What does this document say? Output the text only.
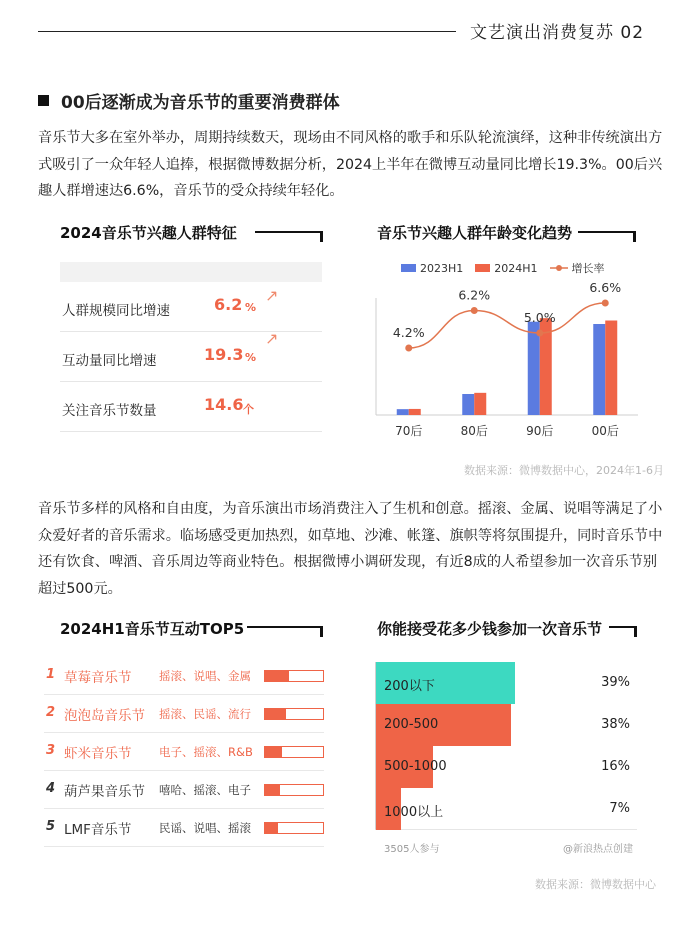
文艺演出消费复苏 02
00后逐渐成为音乐节的重要消费群体
音乐节大多在室外举办，周期持续数天，现场由不同风格的歌手和乐队轮流演绎，这种非传统演出方式吸引了一众年轻人追捧，根据微博数据分析，2024上半年在微博互动量同比增长19.3%。00后兴趣人群增速达6.6%，音乐节的受众持续年轻化。
2024音乐节兴趣人群特征
人群规模同比增速	6.2 %
↗
互动量同比增速	19.3 %
↗
关注音乐节数量	14.6 个
音乐节兴趣人群年龄变化趋势
2023H1	2024H1	增长率
70后	80后	90后	00后
4.2%
6.2%
5.0%
6.6%
数据来源：微博数据中心，2024年1-6月
音乐节多样的风格和自由度，为音乐演出市场消费注入了生机和创意。摇滚、金属、说唱等满足了小众爱好者的音乐需求。临场感受更加热烈，如草地、沙滩、帐篷、旗帜等将氛围提升，同时音乐节中还有饮食、啤酒、音乐周边等商业特色。根据微博小调研发现，有近8成的人希望参加一次音乐节别超过500元。
2024H1音乐节互动TOP5
1 草莓音乐节 摇滚、说唱、金属
2 泡泡岛音乐节 摇滚、民谣、流行
3 虾米音乐节 电子、摇滚、R&B
4 葫芦果音乐节 嘻哈、摇滚、电子
5 LMF音乐节 民谣、说唱、摇滚
你能接受花多少钱参加一次音乐节
200以下	39%
200-500	38%
500-1000	16%
1000以上	7%
3505人参与	@新浪热点创建
数据来源：微博数据中心
